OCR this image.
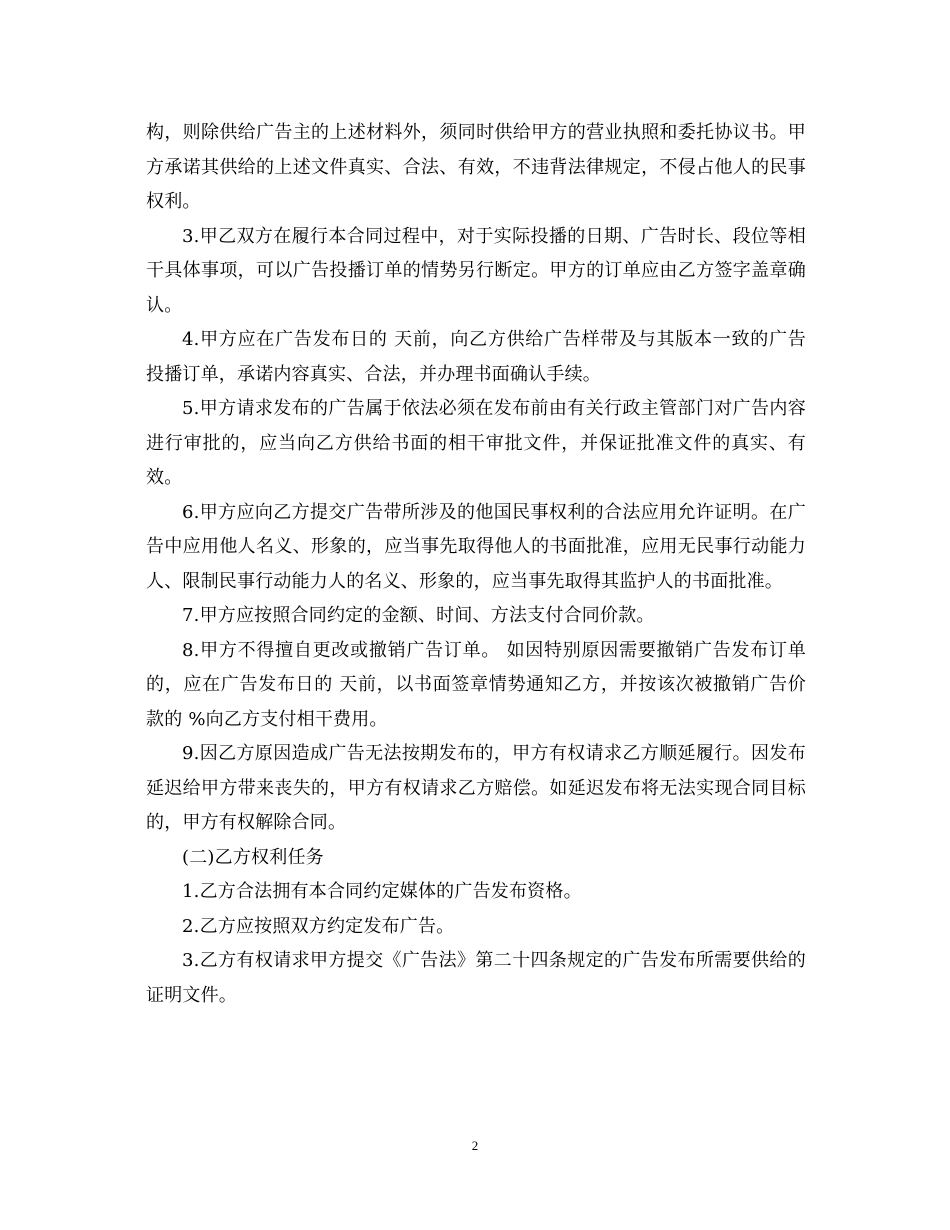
构，则除供给广告主的上述材料外，须同时供给甲方的营业执照和委托协议书。甲方承诺其供给的上述文件真实、合法、有效，不违背法律规定，不侵占他人的民事权利。

3.甲乙双方在履行本合同过程中，对于实际投播的日期、广告时长、段位等相干具体事项，可以广告投播订单的情势另行断定。甲方的订单应由乙方签字盖章确认。

4.甲方应在广告发布日的 天前，向乙方供给广告样带及与其版本一致的广告投播订单，承诺内容真实、合法，并办理书面确认手续。

5.甲方请求发布的广告属于依法必须在发布前由有关行政主管部门对广告内容进行审批的，应当向乙方供给书面的相干审批文件，并保证批准文件的真实、有效。

6.甲方应向乙方提交广告带所涉及的他国民事权利的合法应用允许证明。在广告中应用他人名义、形象的，应当事先取得他人的书面批准，应用无民事行动能力人、限制民事行动能力人的名义、形象的，应当事先取得其监护人的书面批准。

7.甲方应按照合同约定的金额、时间、方法支付合同价款。

8.甲方不得擅自更改或撤销广告订单。 如因特别原因需要撤销广告发布订单的，应在广告发布日的 天前，以书面签章情势通知乙方，并按该次被撤销广告价款的 %向乙方支付相干费用。

9.因乙方原因造成广告无法按期发布的，甲方有权请求乙方顺延履行。因发布延迟给甲方带来丧失的，甲方有权请求乙方赔偿。如延迟发布将无法实现合同目标的，甲方有权解除合同。

(二)乙方权利任务

1.乙方合法拥有本合同约定媒体的广告发布资格。

2.乙方应按照双方约定发布广告。

3.乙方有权请求甲方提交《广告法》第二十四条规定的广告发布所需要供给的证明文件。

2
